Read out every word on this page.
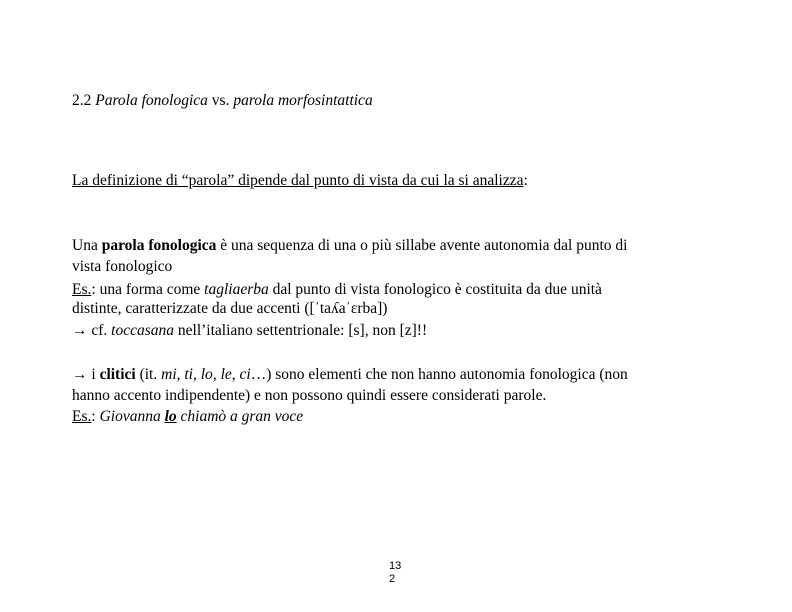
2.2 Parola fonologica vs. parola morfosintattica
La definizione di “parola” dipende dal punto di vista da cui la si analizza:
Una parola fonologica è una sequenza di una o più sillabe avente autonomia dal punto di
vista fonologico
Es.: una forma come tagliaerba dal punto di vista fonologico è costituita da due unità
distinte, caratterizzate da due accenti ([ˈtaʎaˈɛrba])
→ cf. toccasana nell’italiano settentrionale: [s], non [z]!!
→ i clitici (it. mi, ti, lo, le, ci…) sono elementi che non hanno autonomia fonologica (non
hanno accento indipendente) e non possono quindi essere considerati parole.
Es.: Giovanna lo chiamò a gran voce
13
2
